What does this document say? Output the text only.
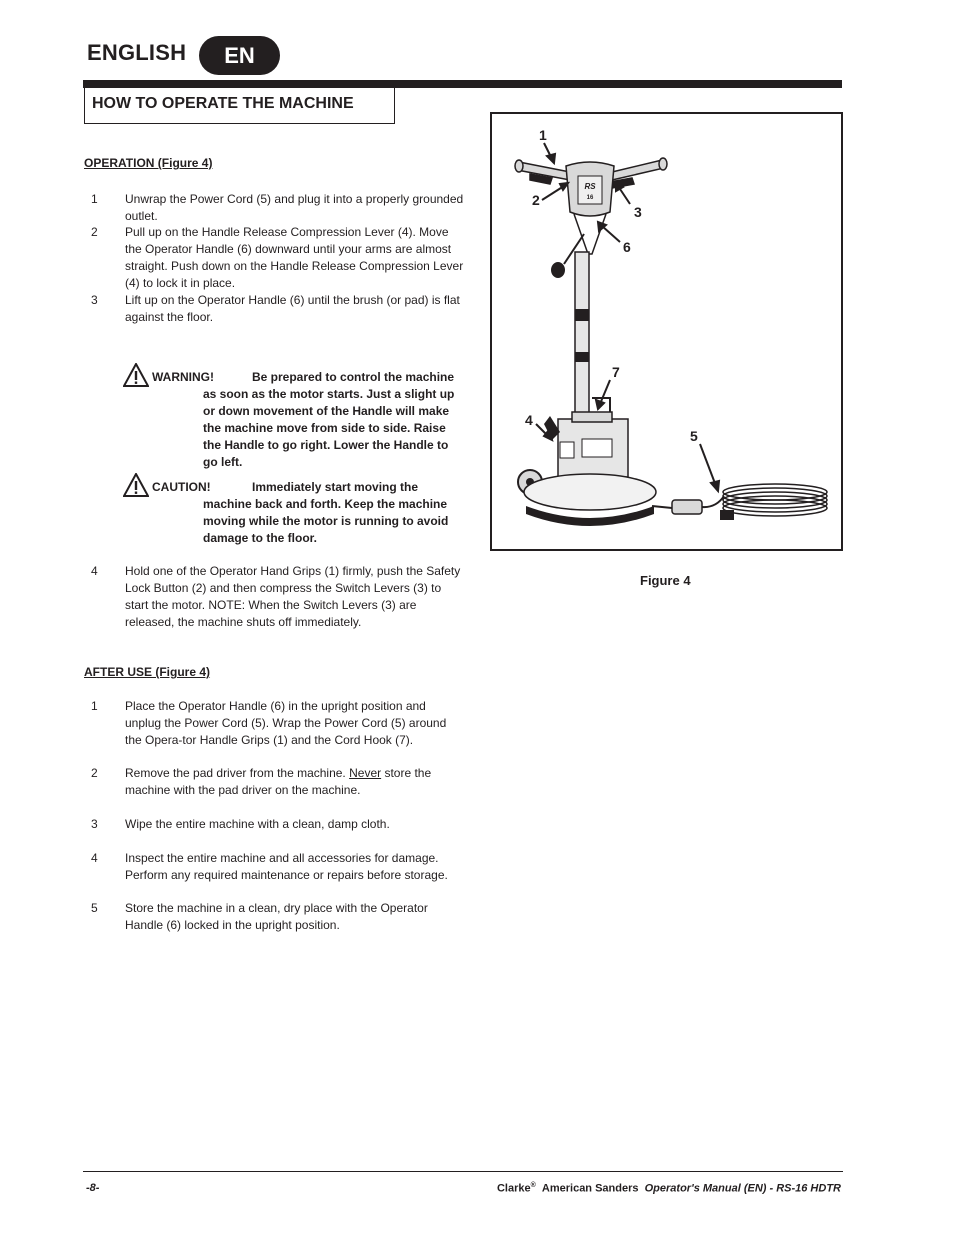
ENGLISH	EN
HOW TO OPERATE THE MACHINE
OPERATION (Figure 4)
1 Unwrap the Power Cord (5) and plug it into a properly grounded outlet.
2 Pull up on the Handle Release Compression Lever (4). Move the Operator Handle (6) downward until your arms are almost straight. Push down on the Handle Release Compression Lever (4) to lock it in place.
3 Lift up on the Operator Handle (6) until the brush (or pad) is flat against the floor.
WARNING!	Be prepared to control the machine
as soon as the motor starts. Just a slight up or down movement of the Handle will make the machine move from side to side. Raise the Handle to go right. Lower the Handle to go left.
CAUTION!	Immediately start moving the
machine back and forth. Keep the machine moving while the motor is running to avoid damage to the floor.
4 Hold one of the Operator Hand Grips (1) firmly, push the Safety Lock Button (2) and then compress the Switch Levers (3) to start the motor. NOTE: When the Switch Levers (3) are released, the machine shuts off immediately.
AFTER USE (Figure 4)
1 Place the Operator Handle (6) in the upright position and unplug the Power Cord (5). Wrap the Power Cord (5) around the Opera-tor Handle Grips (1) and the Cord Hook (7).
2 Remove the pad driver from the machine. Never store the machine with the pad driver on the machine.
3 Wipe the entire machine with a clean, damp cloth.
4 Inspect the entire machine and all accessories for damage. Perform any required maintenance or repairs before storage.
5 Store the machine in a clean, dry place with the Operator Handle (6) locked in the upright position.
RS
16
1
2
3
6
7
4
5
Figure 4
-8-	Clarke® American Sanders Operator's Manual (EN) - RS-16 HDTR
